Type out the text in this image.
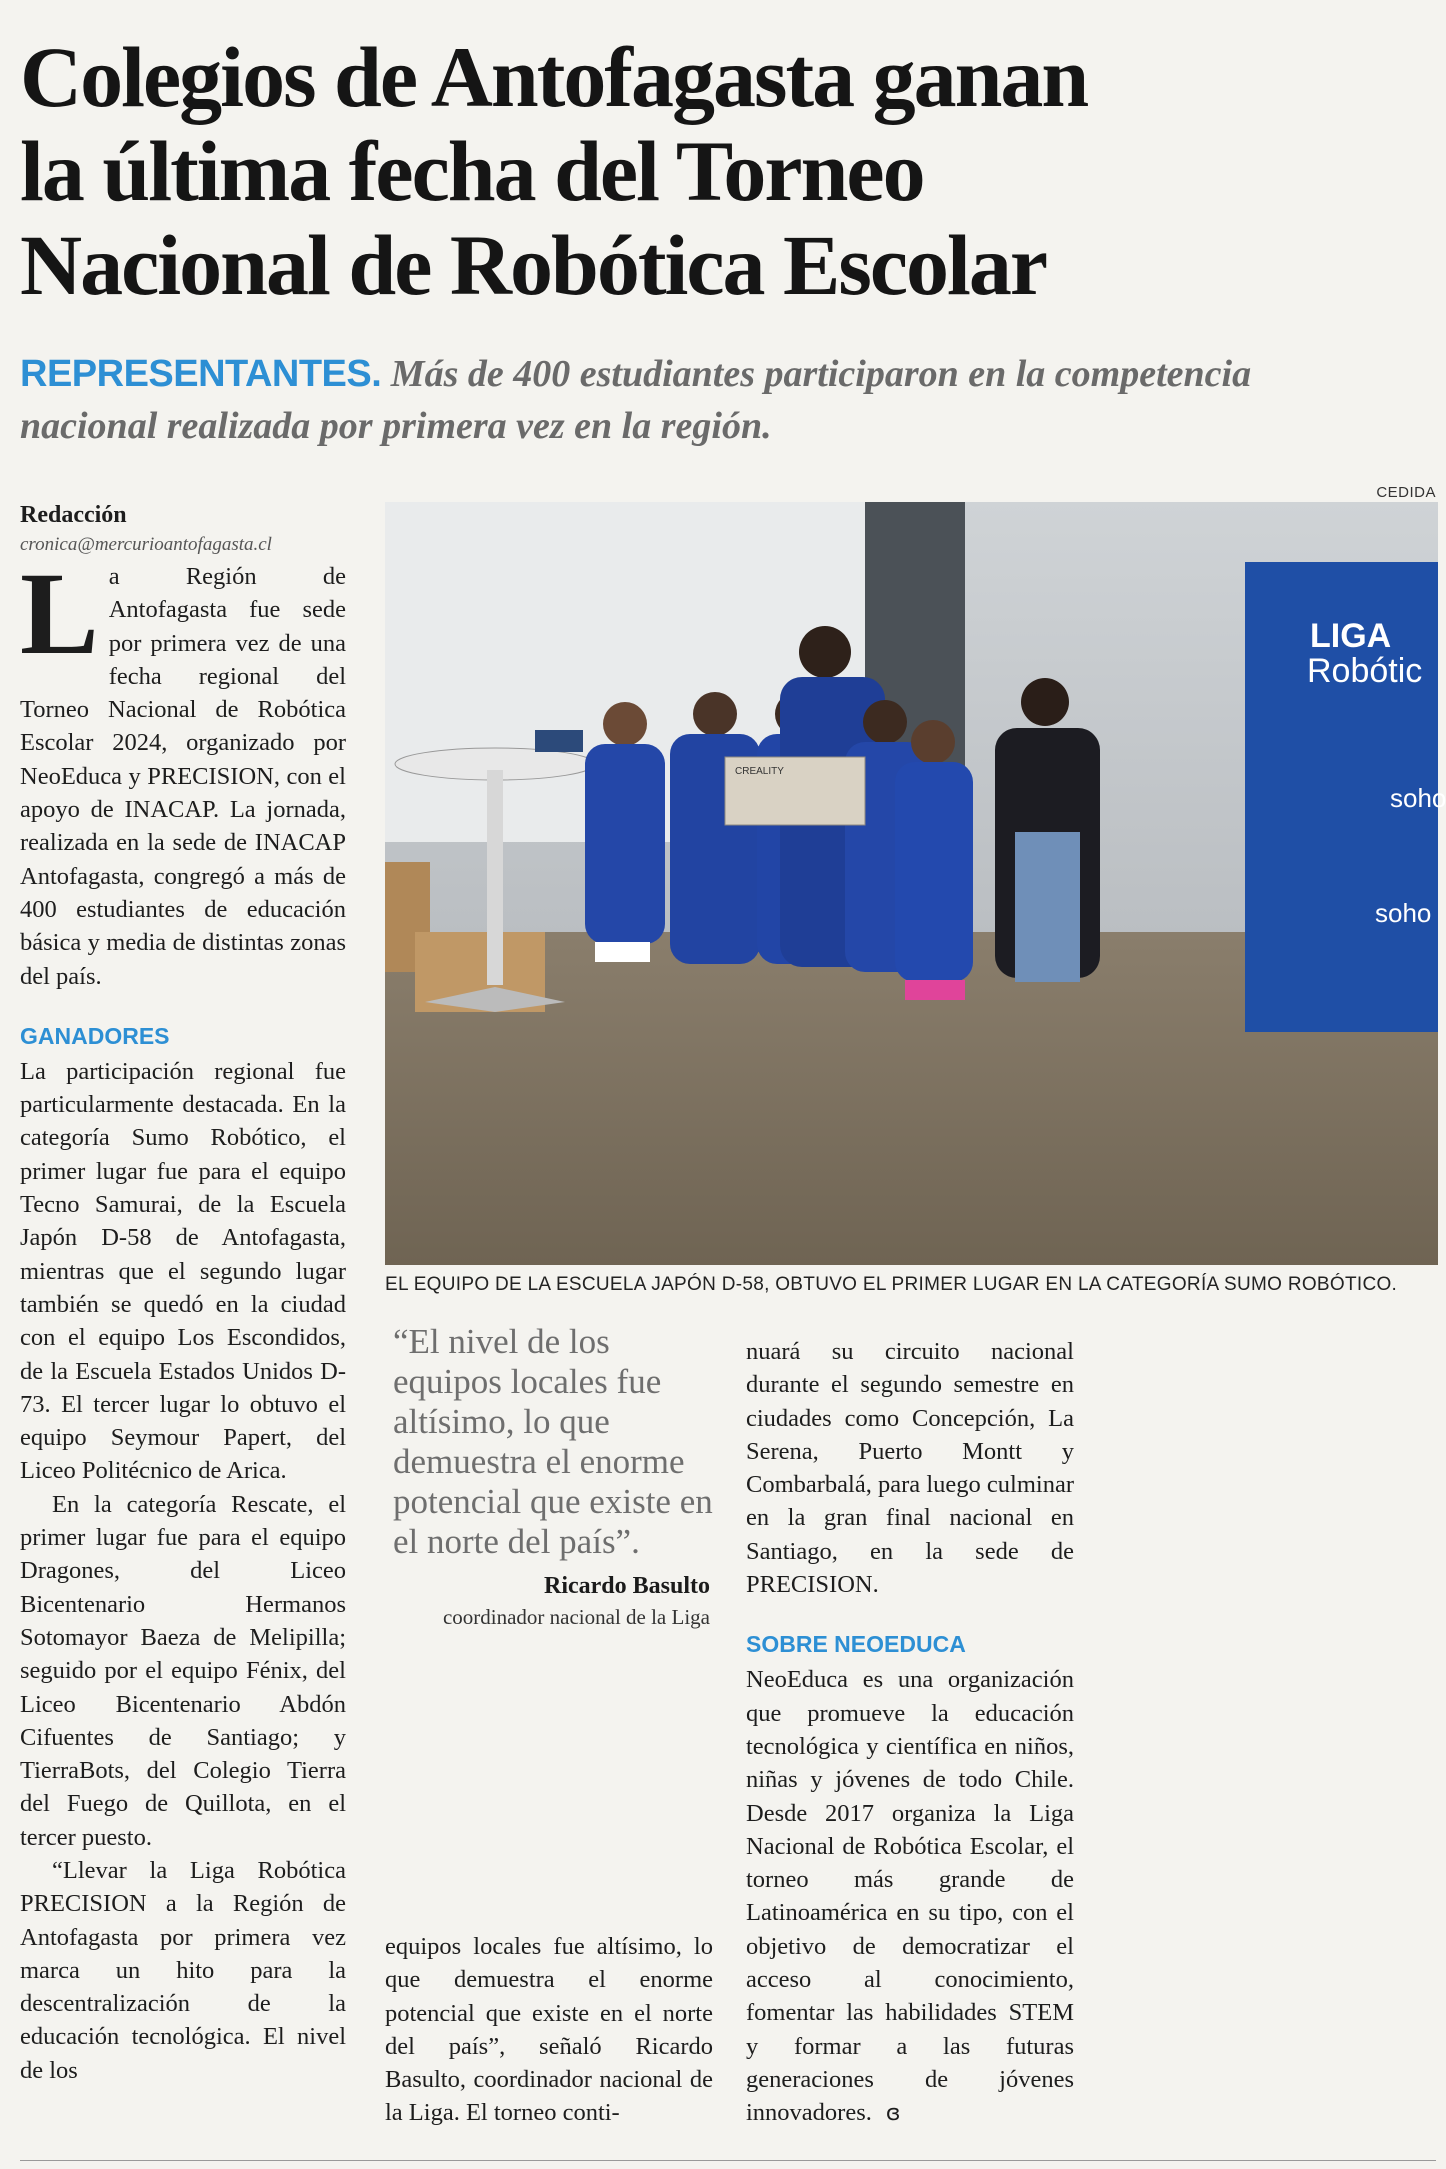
Colegios de Antofagasta ganan
la última fecha del Torneo
Nacional de Robótica Escolar

REPRESENTANTES. Más de 400 estudiantes participaron en la competencia
nacional realizada por primera vez en la región.

CEDIDA
LIGA
Robótic
soho
soho
CREALITY
EL EQUIPO DE LA ESCUELA JAPÓN D-58, OBTUVO EL PRIMER LUGAR EN LA CATEGORÍA SUMO ROBÓTICO.

Redacción

cronica@mercurioantofagasta.cl

La Región de Antofagasta fue sede por primera vez de una fecha regional del Torneo Nacional de Robótica Escolar 2024, organizado por NeoEduca y PRECISION, con el apoyo de INACAP. La jornada, realizada en la sede de INACAP Antofagasta, congregó a más de 400 estudiantes de educación básica y media de distintas zonas del país.

GANADORES

La participación regional fue particularmente destacada. En la categoría Sumo Robótico, el primer lugar fue para el equipo Tecno Samurai, de la Escuela Japón D-58 de Antofagasta, mientras que el segundo lugar también se quedó en la ciudad con el equipo Los Escondidos, de la Escuela Estados Unidos D-73. El tercer lugar lo obtuvo el equipo Seymour Papert, del Liceo Politécnico de Arica.

En la categoría Rescate, el primer lugar fue para el equipo Dragones, del Liceo Bicentenario Hermanos Sotomayor Baeza de Melipilla; seguido por el equipo Fénix, del Liceo Bicentenario Abdón Cifuentes de Santiago; y TierraBots, del Colegio Tierra del Fuego de Quillota, en el tercer puesto.

“Llevar la Liga Robótica PRECISION a la Región de Antofagasta por primera vez marca un hito para la descentralización de la educación tecnológica. El nivel de los

“El nivel de los equipos locales fue altísimo, lo que demuestra el enorme potencial que existe en el norte del país”.

Ricardo Basulto
coordinador nacional de la Liga

equipos locales fue altísimo, lo que demuestra el enorme potencial que existe en el norte del país”, señaló Ricardo Basulto, coordinador nacional de la Liga. El torneo conti-

nuará su circuito nacional durante el segundo semestre en ciudades como Concepción, La Serena, Puerto Montt y Combarbalá, para luego culminar en la gran final nacional en Santiago, en la sede de PRECISION.

SOBRE NEOEDUCA

NeoEduca es una organización que promueve la educación tecnológica y científica en niños, niñas y jóvenes de todo Chile. Desde 2017 organiza la Liga Nacional de Robótica Escolar, el torneo más grande de Latinoamérica en su tipo, con el objetivo de democratizar el acceso al conocimiento, fomentar las habilidades STEM y formar a las futuras generaciones de jóvenes innovadores. ɞ
